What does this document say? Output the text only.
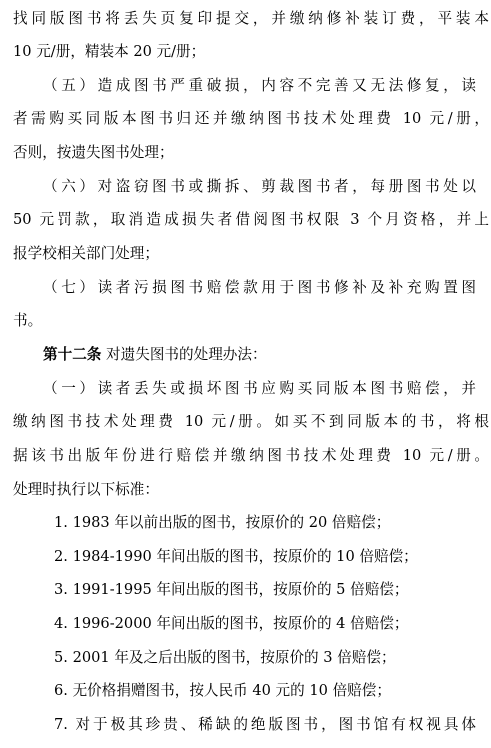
找同版图书将丢失页复印提交，并缴纳修补装订费，平装本
10 元/册，精装本 20 元/册；
（五）造成图书严重破损，内容不完善又无法修复，读
者需购买同版本图书归还并缴纳图书技术处理费 10 元/册，
否则，按遗失图书处理；
（六）对盗窃图书或撕拆、剪裁图书者，每册图书处以
50 元罚款，取消造成损失者借阅图书权限 3 个月资格，并上
报学校相关部门处理；
（七）读者污损图书赔偿款用于图书修补及补充购置图
书。
第十二条 对遗失图书的处理办法：
（一）读者丢失或损坏图书应购买同版本图书赔偿，并
缴纳图书技术处理费 10 元/册。如买不到同版本的书，将根
据该书出版年份进行赔偿并缴纳图书技术处理费 10 元/册。
处理时执行以下标准：
1. 1983 年以前出版的图书，按原价的 20 倍赔偿；
2. 1984-1990 年间出版的图书，按原价的 10 倍赔偿；
3. 1991-1995 年间出版的图书，按原价的 5 倍赔偿；
4. 1996-2000 年间出版的图书，按原价的 4 倍赔偿；
5. 2001 年及之后出版的图书，按原价的 3 倍赔偿；
6. 无价格捐赠图书，按人民币 40 元的 10 倍赔偿；
7. 对于极其珍贵、稀缺的绝版图书，图书馆有权视具体
